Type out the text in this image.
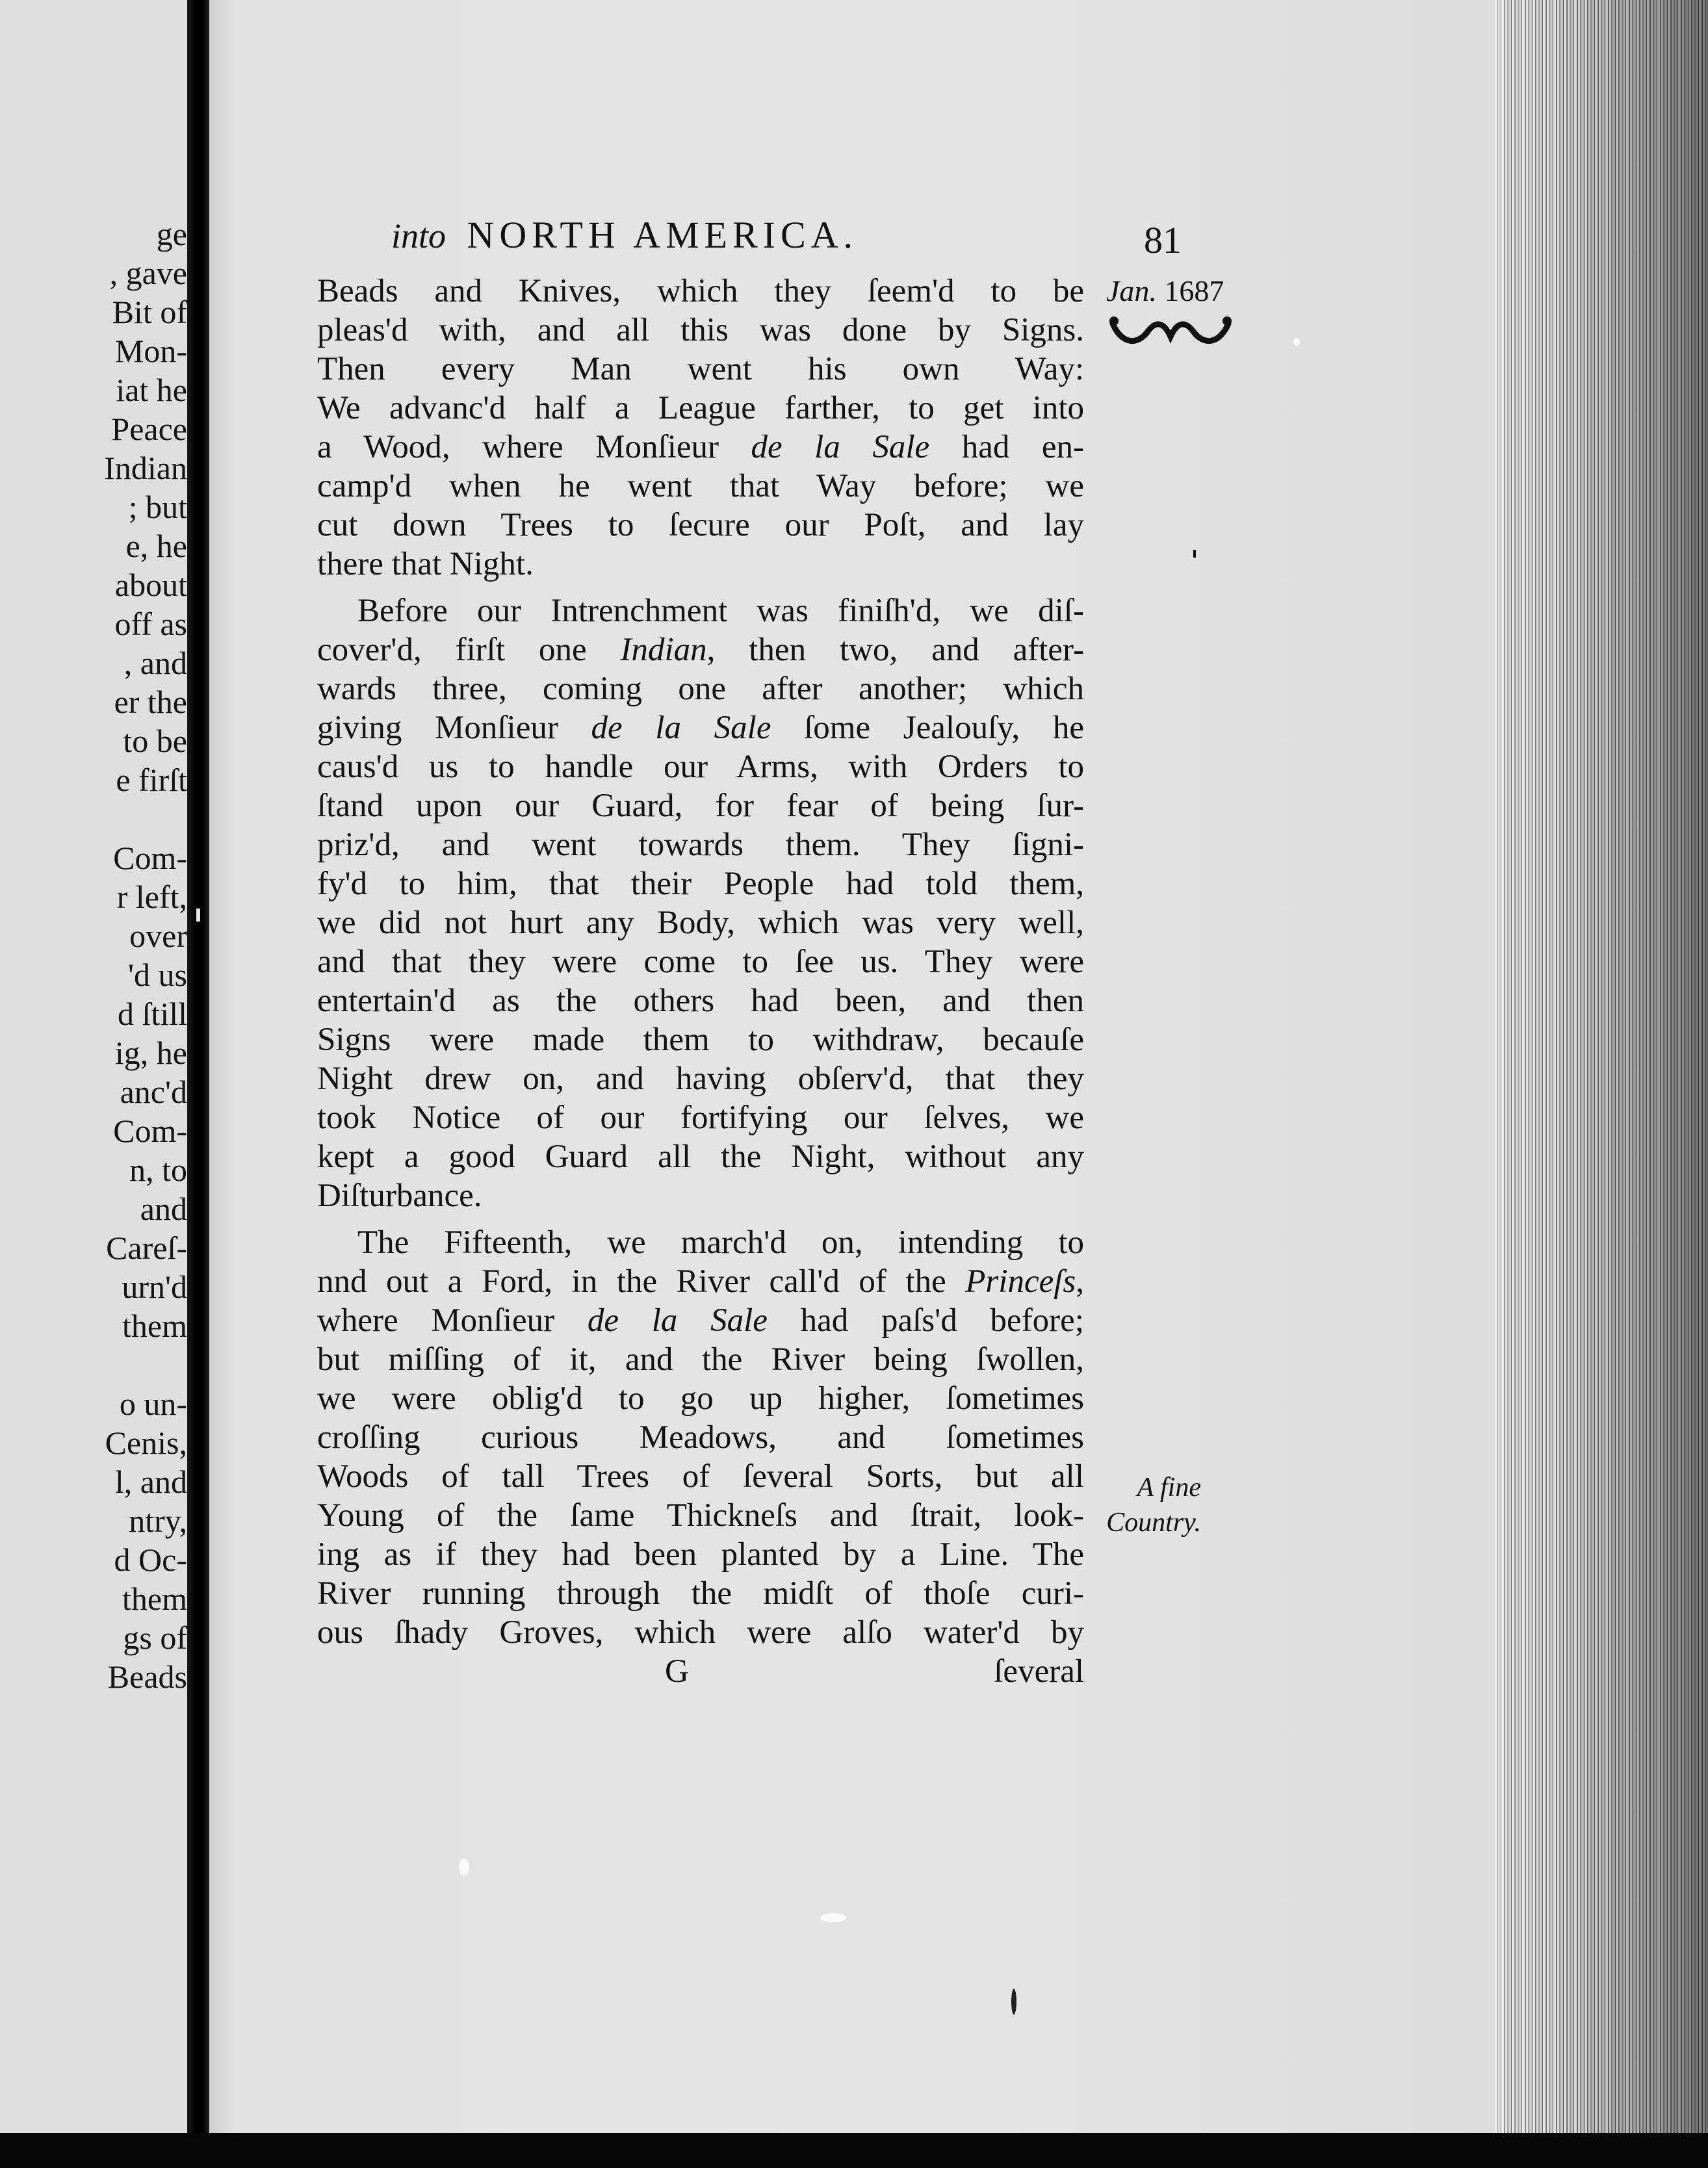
ge
, gave
Bit of
Mon-
iat he
Peace
Indian
; but
e, he
about
off as
, and
er the
to be
e firſt
Com-
r left,
over
'd us
d ſtill
ig, he
anc'd
Com-
n, to
and
Careſ-
urn'd
them
o un-
Cenis,
l, and
ntry,
d Oc-
them
gs of
Beads
into NORTH AMERICA.	81
Jan. 1687
Beads and Knives, which they ſeem'd to be
pleas'd with, and all this was done by Signs.
Then every Man went his own Way:
We advanc'd half a League farther, to get into
a Wood, where Monſieur de la Sale had en-
camp'd when he went that Way before; we
cut down Trees to ſecure our Poſt, and lay
there that Night.
Before our Intrenchment was finiſh'd, we diſ-
cover'd, firſt one Indian, then two, and after-
wards three, coming one after another; which
giving Monſieur de la Sale ſome Jealouſy, he
caus'd us to handle our Arms, with Orders to
ſtand upon our Guard, for fear of being ſur-
priz'd, and went towards them. They ſigni-
fy'd to him, that their People had told them,
we did not hurt any Body, which was very well,
and that they were come to ſee us. They were
entertain'd as the others had been, and then
Signs were made them to withdraw, becauſe
Night drew on, and having obſerv'd, that they
took Notice of our fortifying our ſelves, we
kept a good Guard all the Night, without any
Diſturbance.
The Fifteenth, we march'd on, intending to
nnd out a Ford, in the River call'd of the Princeſs,
where Monſieur de la Sale had paſs'd before;
but miſſing of it, and the River being ſwollen,
we were oblig'd to go up higher, ſometimes
croſſing curious Meadows, and ſometimes
Woods of tall Trees of ſeveral Sorts, but all
Young of the ſame Thickneſs and ſtrait, look-
ing as if they had been planted by a Line. The
River running through the midſt of thoſe curi-
ous ſhady Groves, which were alſo water'd by
G	ſeveral
A fine
Country.
